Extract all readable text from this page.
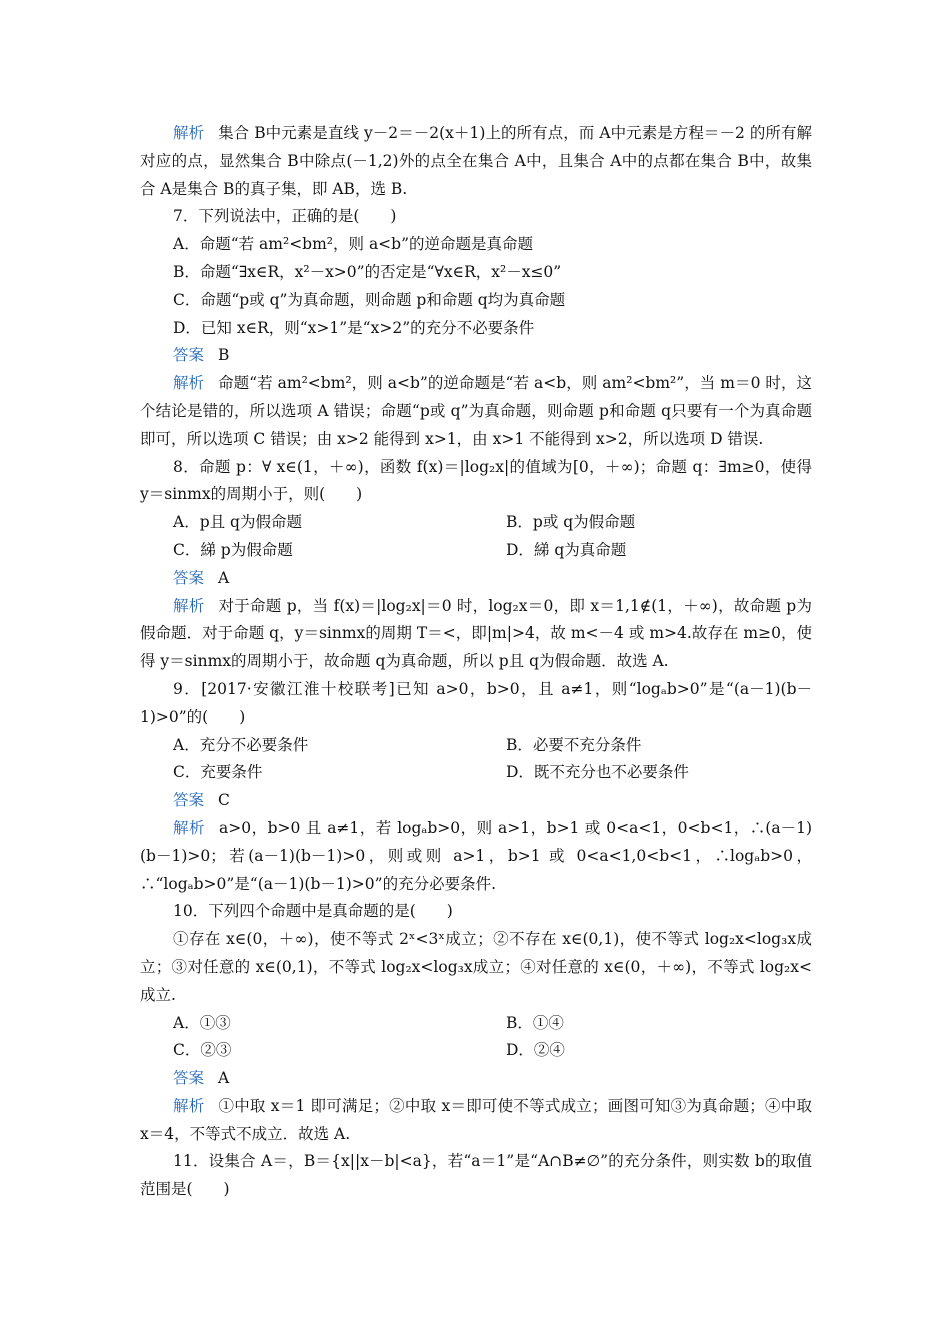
解析 集合 B中元素是直线 y－2＝－2(x＋1)上的所有点，而 A中元素是方程＝－2 的所有解对应的点，显然集合 B中除点(－1,2)外的点全在集合 A中，且集合 A中的点都在集合 B中，故集合 A是集合 B的真子集，即 AB，选 B.

7．下列说法中，正确的是(　　)

A．命题“若 am²<bm²，则 a<b”的逆命题是真命题

B．命题“∃x∈R，x²－x>0”的否定是“∀x∈R，x²－x≤0”

C．命题“p或 q”为真命题，则命题 p和命题 q均为真命题

D．已知 x∈R，则“x>1”是“x>2”的充分不必要条件

答案 B

解析 命题“若 am²<bm²，则 a<b”的逆命题是“若 a<b，则 am²<bm²”，当 m＝0 时，这个结论是错的，所以选项 A 错误；命题“p或 q”为真命题，则命题 p和命题 q只要有一个为真命题即可，所以选项 C 错误；由 x>2 能得到 x>1，由 x>1 不能得到 x>2，所以选项 D 错误.

8．命题 p：∀ x∈(1，＋∞)，函数 f(x)＝|log₂x|的值域为[0，＋∞)；命题 q：∃m≥0，使得 y＝sinmx的周期小于，则(　　)

A．p且 q为假命题	B．p或 q为假命题
C．綈 p为假命题	D．綈 q为真命题

答案 A

解析 对于命题 p，当 f(x)＝|log₂x|＝0 时，log₂x＝0，即 x＝1,1∉(1，＋∞)，故命题 p为假命题．对于命题 q，y＝sinmx的周期 T＝<，即|m|>4，故 m<－4 或 m>4.故存在 m≥0，使得 y＝sinmx的周期小于，故命题 q为真命题，所以 p且 q为假命题．故选 A.

9．[2017·安徽江淮十校联考]已知 a>0，b>0，且 a≠1，则“logₐb>0”是“(a－1)(b－1)>0”的(　　)

A．充分不必要条件	B．必要不充分条件
C．充要条件	D．既不充分也不必要条件

答案 C

解析 a>0，b>0 且 a≠1，若 logₐb>0，则 a>1，b>1 或 0<a<1，0<b<1，∴(a－1)(b－1)>0；若(a－1)(b－1)>0，则或则 a>1，b>1 或 0<a<1,0<b<1，∴logₐb>0，∴“logₐb>0”是“(a－1)(b－1)>0”的充分必要条件.

10．下列四个命题中是真命题的是(　　)

①存在 x∈(0，＋∞)，使不等式 2ˣ<3ˣ成立；②不存在 x∈(0,1)，使不等式 log₂x<log₃x成立；③对任意的 x∈(0,1)，不等式 log₂x<log₃x成立；④对任意的 x∈(0，＋∞)，不等式 log₂x<成立.

A．①③	B．①④
C．②③	D．②④

答案 A

解析 ①中取 x＝1 即可满足；②中取 x＝即可使不等式成立；画图可知③为真命题；④中取 x＝4，不等式不成立．故选 A.

11．设集合 A＝，B＝{x||x－b|<a}，若“a＝1”是“A∩B≠∅”的充分条件，则实数 b的取值范围是(　　)
